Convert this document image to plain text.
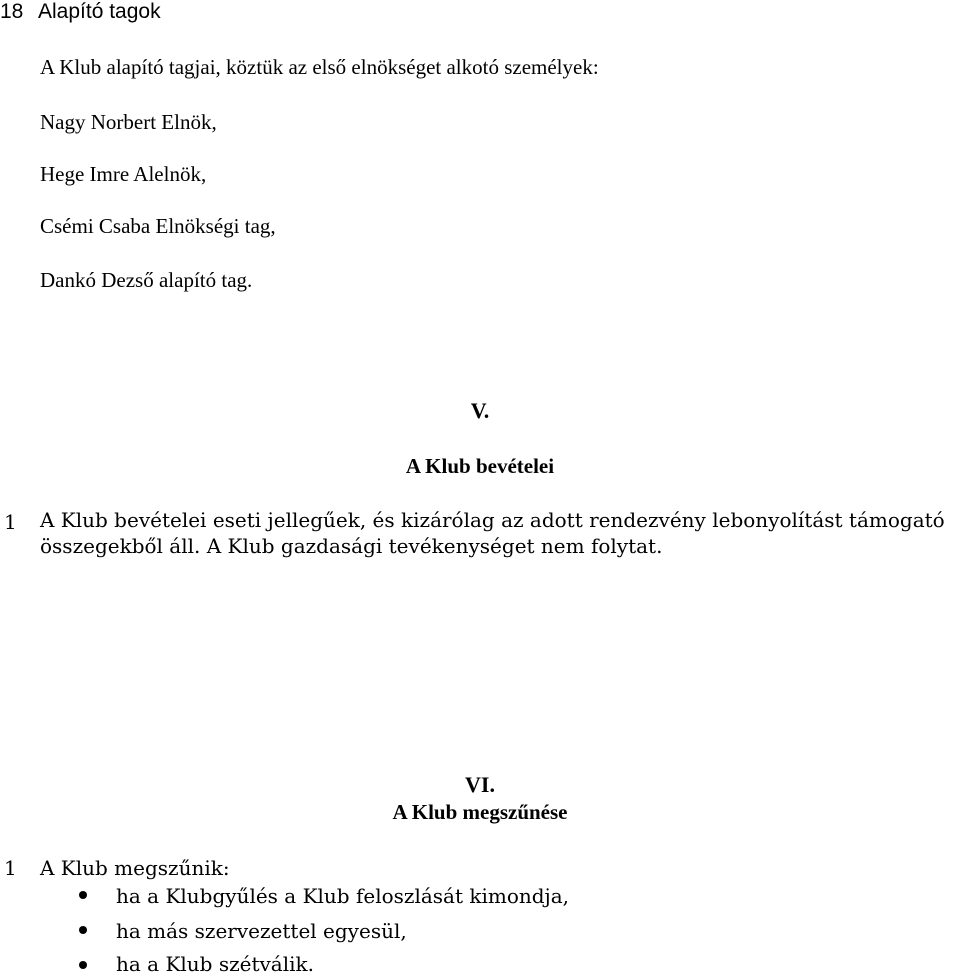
18 Alapító tagok
A Klub alapító tagjai, köztük az első elnökséget alkotó személyek:
Nagy Norbert Elnök,
Hege Imre Alelnök,
Csémi Csaba Elnökségi tag,
Dankó Dezső alapító tag.
V.
A Klub bevételei
1 A Klub bevételei eseti jellegűek, és kizárólag az adott rendezvény lebonyolítást támogató összegekből áll. A Klub gazdasági tevékenységet nem folytat.
VI.
A Klub megszűnése
1 A Klub megszűnik:
ha a Klubgyűlés a Klub feloszlását kimondja,
ha más szervezettel egyesül,
ha a Klub szétválik.
